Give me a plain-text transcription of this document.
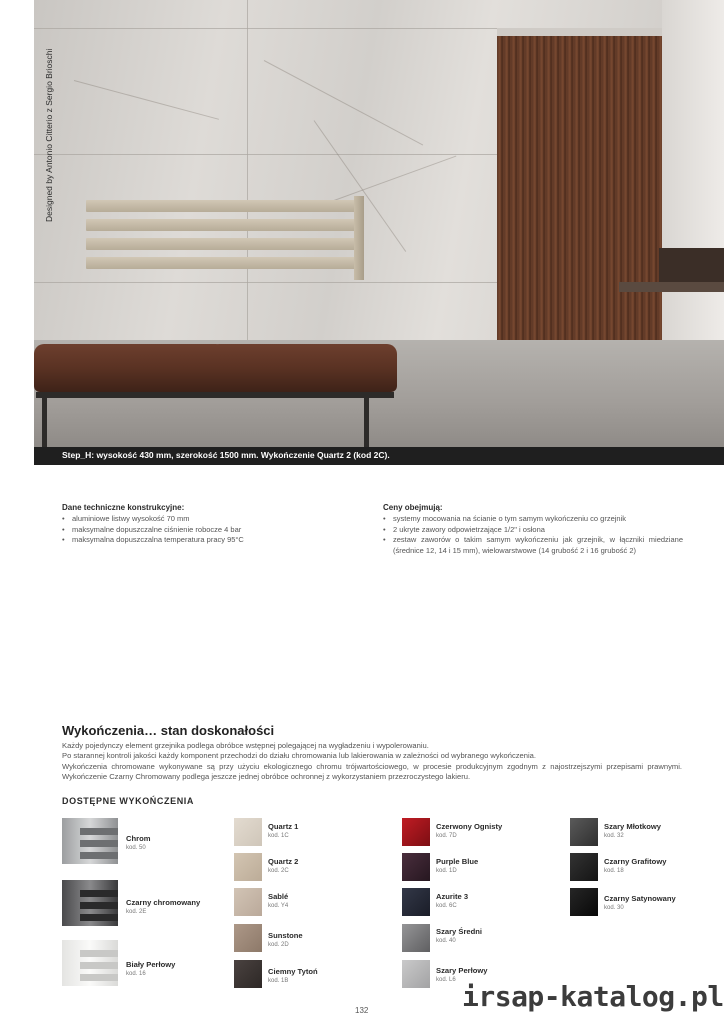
Designed by Antonio Citterio z Sergio Brioschi
Step_H: wysokość 430 mm, szerokość 1500 mm. Wykończenie Quartz 2 (kod 2C).
Dane techniczne konstrukcyjne:
• aluminiowe listwy wysokość 70 mm
• maksymalne dopuszczalne ciśnienie robocze 4 bar
• maksymalna dopuszczalna temperatura pracy 95°C
Ceny obejmują:
• systemy mocowania na ścianie o tym samym wykończeniu co grzejnik
• 2 ukryte zawory odpowietrzające 1/2" i osłona
• zestaw zaworów o takim samym wykończeniu jak grzejnik, w łączniki miedziane (średnice 12, 14 i 15 mm), wielowarstwowe (14 grubość 2 i 16 grubość 2)
Wykończenia… stan doskonałości
Każdy pojedynczy element grzejnika podlega obróbce wstępnej polegającej na wygładzeniu i wypolerowaniu.
Po starannej kontroli jakości każdy komponent przechodzi do działu chromowania lub lakierowania w zależności od wybranego wykończenia.
Wykończenia chromowane wykonywane są przy użyciu ekologicznego chromu trójwartościowego, w procesie produkcyjnym zgodnym z najostrzejszymi przepisami prawnymi. Wykończenie Czarny Chromowany podlega jeszcze jednej obróbce ochronnej z wykorzystaniem przezroczystego lakieru.
DOSTĘPNE WYKOŃCZENIA
Chrom
kod. 50
Czarny chromowany
kod. 2E
Biały Perłowy
kod. 16
Quartz 1
kod. 1C
Quartz 2
kod. 2C
Sablé
kod. Y4
Sunstone
kod. 2D
Ciemny Tytoń
kod. 1B
Czerwony Ognisty
kod. 7D
Purple Blue
kod. 1D
Azurite 3
kod. 6C
Szary Średni
kod. 40
Szary Perłowy
kod. L6
Szary Młotkowy
kod. 32
Czarny Grafitowy
kod. 18
Czarny Satynowany
kod. 30
132	irsap-katalog.pl
